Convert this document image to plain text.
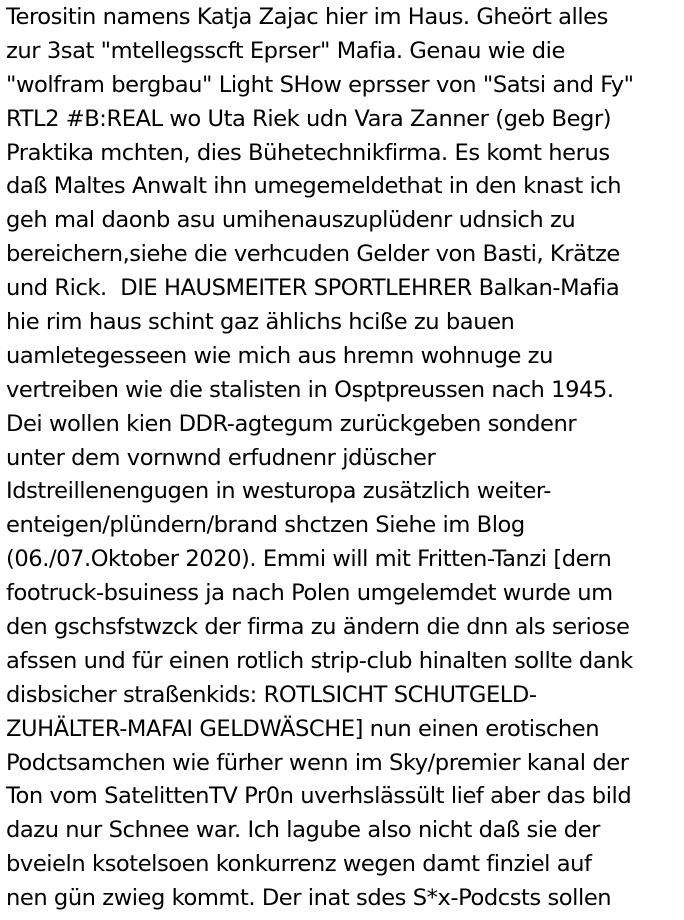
Terositin namens Katja Zajac hier im Haus. Gheört alles
zur 3sat "mtellegsscft Eprser" Mafia. Genau wie die
"wolfram bergbau" Light SHow eprsser von "Satsi and Fy"
RTL2 #B:REAL wo Uta Riek udn Vara Zanner (geb Begr)
Praktika mchten, dies Bühetechnikfirma. Es komt herus
daß Maltes Anwalt ihn umegemeldethat in den knast ich
geh mal daonb asu umihenauszuplüdenr udnsich zu
bereichern,siehe die verhcuden Gelder von Basti, Krätze
und Rick.  DIE HAUSMEITER SPORTLEHRER Balkan-Mafia
hie rim haus schint gaz ählichs hciße zu bauen
uamletegesseen wie mich aus hremn wohnuge zu
vertreiben wie die stalisten in Osptpreussen nach 1945.
Dei wollen kien DDR-agtegum zurückgeben sondenr
unter dem vornwnd erfudnenr jdüscher
Idstreillenengugen in westuropa zusätzlich weiter-
enteigen/plündern/brand shctzen Siehe im Blog
(06./07.Oktober 2020). Emmi will mit Fritten-Tanzi [dern
footruck-bsuiness ja nach Polen umgelemdet wurde um
den gschsfstwzck der firma zu ändern die dnn als seriose
afssen und für einen rotlich strip-club hinalten sollte dank
disbsicher straßenkids: ROTLSICHT SCHUTGELD-
ZUHÄLTER-MAFAI GELDWÄSCHE] nun einen erotischen
Podctsamchen wie fürher wenn im Sky/premier kanal der
Ton vom SatelittenTV Pr0n uverhslässült lief aber das bild
dazu nur Schnee war. Ich lagube also nicht daß sie der
bveieln ksotelsoen konkurrenz wegen damt finziel auf
nen gün zwieg kommt. Der inat sdes S*x-Podcsts sollen
